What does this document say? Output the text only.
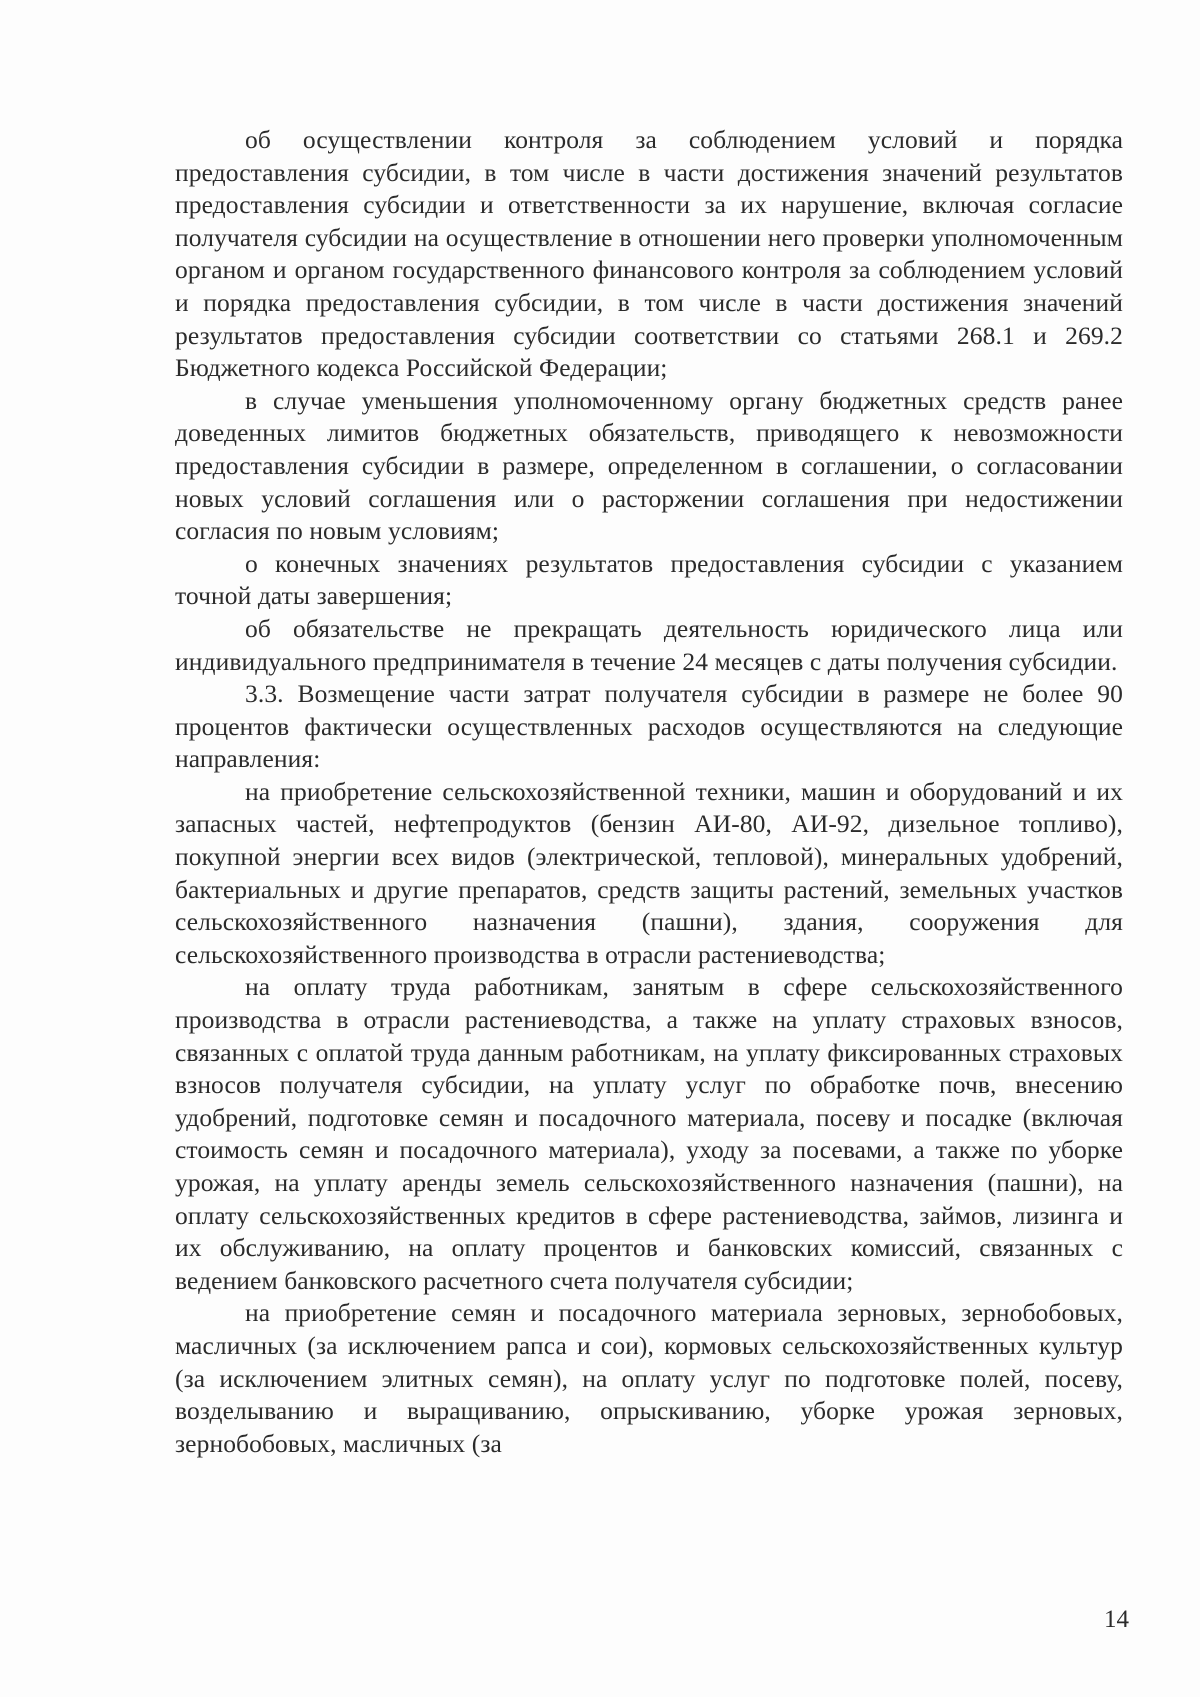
об осуществлении контроля за соблюдением условий и порядка предоставления субсидии, в том числе в части достижения значений результатов предоставления субсидии и ответственности за их нарушение, включая согласие получателя субсидии на осуществление в отношении него проверки уполномоченным органом и органом государственного финансового контроля за соблюдением условий и порядка предоставления субсидии, в том числе в части достижения значений результатов предоставления субсидии соответствии со статьями 268.1 и 269.2 Бюджетного кодекса Российской Федерации;

в случае уменьшения уполномоченному органу бюджетных средств ранее доведенных лимитов бюджетных обязательств, приводящего к невозможности предоставления субсидии в размере, определенном в соглашении, о согласовании новых условий соглашения или о расторжении соглашения при недостижении согласия по новым условиям;

о конечных значениях результатов предоставления субсидии с указанием точной даты завершения;

об обязательстве не прекращать деятельность юридического лица или индивидуального предпринимателя в течение 24 месяцев с даты получения субсидии.

3.3. Возмещение части затрат получателя субсидии в размере не более 90 процентов фактически осуществленных расходов осуществляются на следующие направления:

на приобретение сельскохозяйственной техники, машин и оборудований и их запасных частей, нефтепродуктов (бензин АИ-80, АИ-92, дизельное топливо), покупной энергии всех видов (электрической, тепловой), минеральных удобрений, бактериальных и другие препаратов, средств защиты растений, земельных участков сельскохозяйственного назначения (пашни), здания, сооружения для сельскохозяйственного производства в отрасли растениеводства;

на оплату труда работникам, занятым в сфере сельскохозяйственного производства в отрасли растениеводства, а также на уплату страховых взносов, связанных с оплатой труда данным работникам, на уплату фиксированных страховых взносов получателя субсидии, на уплату услуг по обработке почв, внесению удобрений, подготовке семян и посадочного материала, посеву и посадке (включая стоимость семян и посадочного материала), уходу за посевами, а также по уборке урожая, на уплату аренды земель сельскохозяйственного назначения (пашни), на оплату сельскохозяйственных кредитов в сфере растениеводства, займов, лизинга и их обслуживанию, на оплату процентов и банковских комиссий, связанных с ведением банковского расчетного счета получателя субсидии;

на приобретение семян и посадочного материала зерновых, зернобобовых, масличных (за исключением рапса и сои), кормовых сельскохозяйственных культур (за исключением элитных семян), на оплату услуг по подготовке полей, посеву, возделыванию и выращиванию, опрыскиванию, уборке урожая зерновых, зернобобовых, масличных (за

14
